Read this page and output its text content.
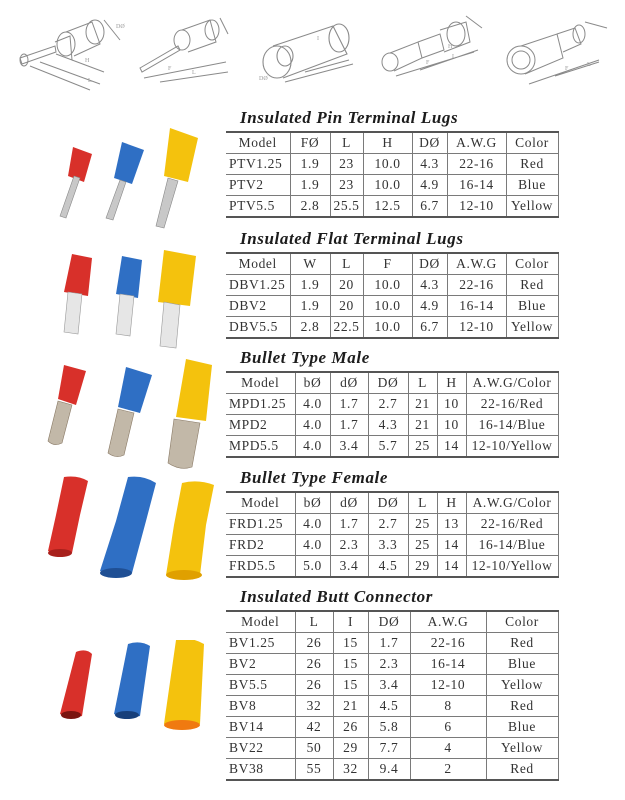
DØ
H
L
F
L
DØ
I
F
L
H
F
L
Insulated Pin Terminal Lugs
Model	FØ	L	H	DØ	A.W.G	Color
PTV1.25	1.9	23	10.0	4.3	22-16	Red
PTV2	1.9	23	10.0	4.9	16-14	Blue
PTV5.5	2.8	25.5	12.5	6.7	12-10	Yellow
Insulated Flat Terminal Lugs
Model	W	L	F	DØ	A.W.G	Color
DBV1.25	1.9	20	10.0	4.3	22-16	Red
DBV2	1.9	20	10.0	4.9	16-14	Blue
DBV5.5	2.8	22.5	10.0	6.7	12-10	Yellow
Bullet Type Male
Model	bØ	dØ	DØ	L	H	A.W.G/Color
MPD1.25	4.0	1.7	2.7	21	10	22-16/Red
MPD2	4.0	1.7	4.3	21	10	16-14/Blue
MPD5.5	4.0	3.4	5.7	25	14	12-10/Yellow
Bullet Type Female
Model	bØ	dØ	DØ	L	H	A.W.G/Color
FRD1.25	4.0	1.7	2.7	25	13	22-16/Red
FRD2	4.0	2.3	3.3	25	14	16-14/Blue
FRD5.5	5.0	3.4	4.5	29	14	12-10/Yellow
Insulated Butt Connector
Model	L	I	DØ	A.W.G	Color
BV1.25	26	15	1.7	22-16	Red
BV2	26	15	2.3	16-14	Blue
BV5.5	26	15	3.4	12-10	Yellow
BV8	32	21	4.5	8	Red
BV14	42	26	5.8	6	Blue
BV22	50	29	7.7	4	Yellow
BV38	55	32	9.4	2	Red
